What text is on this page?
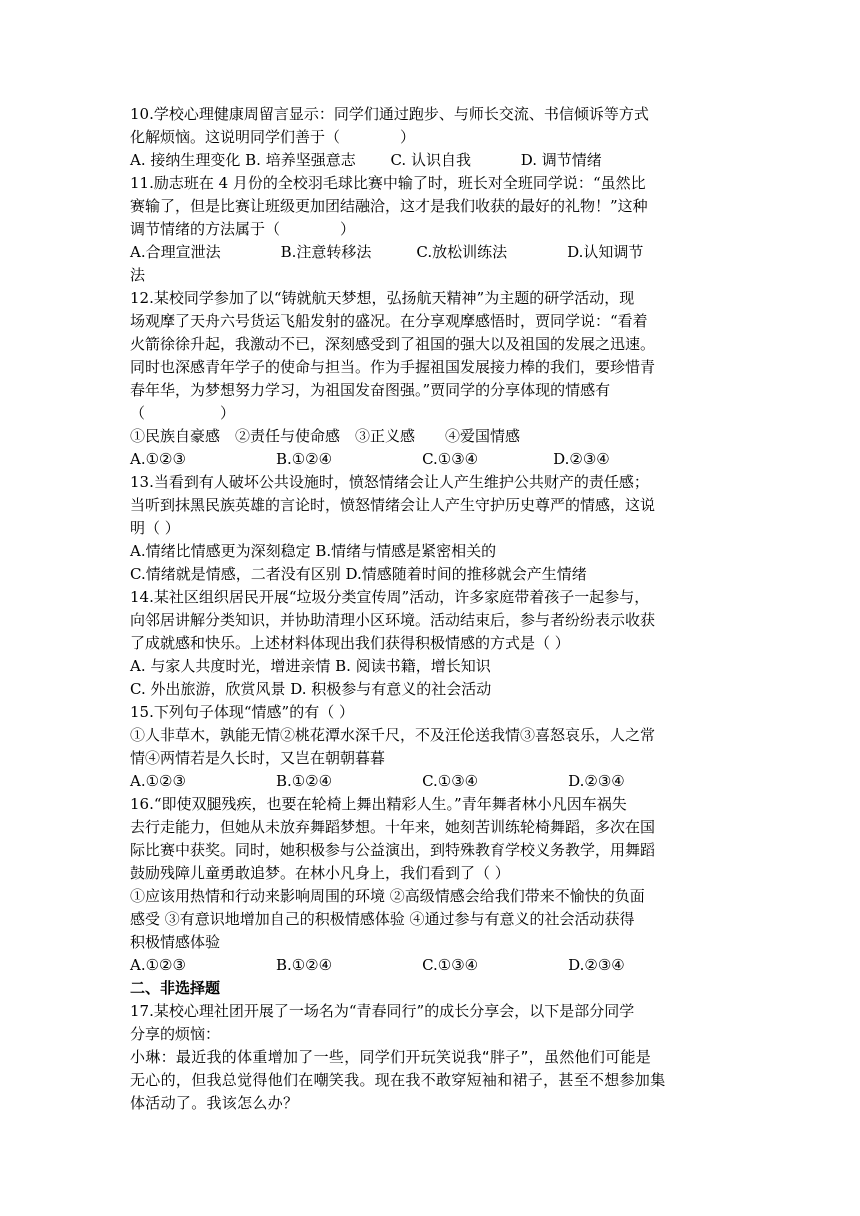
10.学校心理健康周留言显示：同学们通过跑步、与师长交流、书信倾诉等方式
化解烦恼。这说明同学们善于（　　　　）
A. 接纳生理变化 B. 培养坚强意志　　 C. 认识自我　　　 D. 调节情绪
11.励志班在 4 月份的全校羽毛球比赛中输了时，班长对全班同学说：“虽然比
赛输了，但是比赛让班级更加团结融洽，这才是我们收获的最好的礼物！”这种
调节情绪的方法属于（　　　　）
A.合理宣泄法　　　　B.注意转移法　　　C.放松训练法　　　　D.认知调节
法
12.某校同学参加了以“铸就航天梦想，弘扬航天精神”为主题的研学活动，现
场观摩了天舟六号货运飞船发射的盛况。在分享观摩感悟时，贾同学说：“看着
火箭徐徐升起，我激动不已，深刻感受到了祖国的强大以及祖国的发展之迅速。
同时也深感青年学子的使命与担当。作为手握祖国发展接力棒的我们，要珍惜青
春年华，为梦想努力学习，为祖国发奋图强。”贾同学的分享体现的情感有
（　　　　　）
①民族自豪感　②责任与使命感　③正义感　　④爱国情感
A.①②③　　　　　　B.①②④　　　　　　C.①③④　　　　　D.②③④
13.当看到有人破坏公共设施时，愤怒情绪会让人产生维护公共财产的责任感；
当听到抹黑民族英雄的言论时，愤怒情绪会让人产生守护历史尊严的情感，这说
明（ ）
A.情绪比情感更为深刻稳定 B.情绪与情感是紧密相关的
C.情绪就是情感，二者没有区别 D.情感随着时间的推移就会产生情绪
14.某社区组织居民开展“垃圾分类宣传周”活动，许多家庭带着孩子一起参与，
向邻居讲解分类知识，并协助清理小区环境。活动结束后，参与者纷纷表示收获
了成就感和快乐。上述材料体现出我们获得积极情感的方式是（ ）
A. 与家人共度时光，增进亲情 B. 阅读书籍，增长知识
C. 外出旅游，欣赏风景 D. 积极参与有意义的社会活动
15.下列句子体现“情感”的有（ ）
①人非草木，孰能无情②桃花潭水深千尺，不及汪伦送我情③喜怒哀乐，人之常
情④两情若是久长时，又岂在朝朝暮暮
A.①②③　　　　　　B.①②④　　　　　　C.①③④　　　　　　D.②③④
16.“即使双腿残疾，也要在轮椅上舞出精彩人生。”青年舞者林小凡因车祸失
去行走能力，但她从未放弃舞蹈梦想。十年来，她刻苦训练轮椅舞蹈，多次在国
际比赛中获奖。同时，她积极参与公益演出，到特殊教育学校义务教学，用舞蹈
鼓励残障儿童勇敢追梦。在林小凡身上，我们看到了（ ）
①应该用热情和行动来影响周围的环境 ②高级情感会给我们带来不愉快的负面
感受 ③有意识地增加自己的积极情感体验 ④通过参与有意义的社会活动获得
积极情感体验
A.①②③　　　　　　B.①②④　　　　　　C.①③④　　　　　　D.②③④
二、非选择题
17.某校心理社团开展了一场名为“青春同行”的成长分享会，以下是部分同学
分享的烦恼：
小琳：最近我的体重增加了一些，同学们开玩笑说我“胖子”，虽然他们可能是
无心的，但我总觉得他们在嘲笑我。现在我不敢穿短袖和裙子，甚至不想参加集
体活动了。我该怎么办？
